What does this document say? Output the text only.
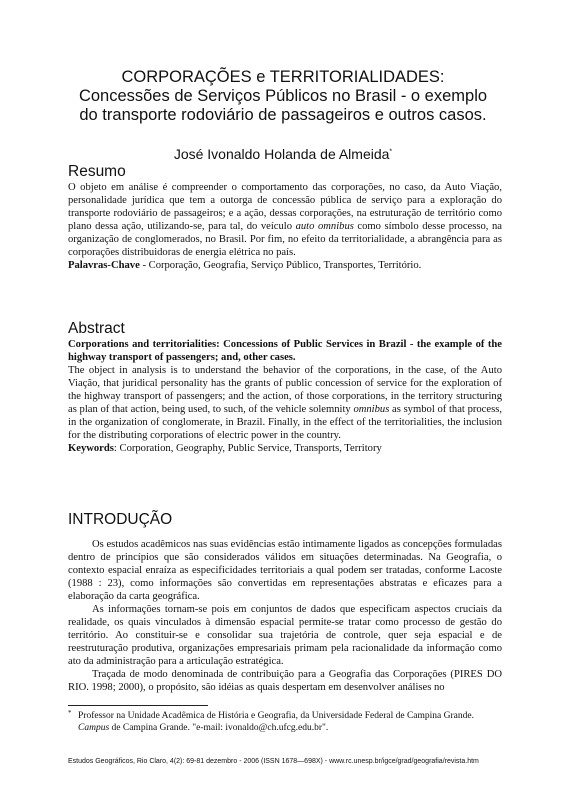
CORPORAÇÕES e TERRITORIALIDADES:
Concessões de Serviços Públicos no Brasil - o exemplo
do transporte rodoviário de passageiros e outros casos.
José Ivonaldo Holanda de Almeida*
Resumo

O objeto em análise é compreender o comportamento das corporações, no caso, da Auto Viação, personalidade jurídica que tem a outorga de concessão pública de serviço para a exploração do transporte rodoviário de passageiros; e a ação, dessas corporações, na estruturação de território como plano dessa ação, utilizando-se, para tal, do veículo auto omnibus como símbolo desse processo, na organização de conglomerados, no Brasil. Por fim, no efeito da territorialidade, a abrangência para as corporações distribuidoras de energia elétrica no país.

Palavras-Chave - Corporação, Geografia, Serviço Público, Transportes, Território.

Abstract

Corporations and territorialities: Concessions of Public Services in Brazil - the example of the highway transport of passengers; and, other cases.

The object in analysis is to understand the behavior of the corporations, in the case, of the Auto Viação, that juridical personality has the grants of public concession of service for the exploration of the highway transport of passengers; and the action, of those corporations, in the territory structuring as plan of that action, being used, to such, of the vehicle solemnity omnibus as symbol of that process, in the organization of conglomerate, in Brazil. Finally, in the effect of the territorialities, the inclusion for the distributing corporations of electric power in the country.

Keywords: Corporation, Geography, Public Service, Transports, Territory

INTRODUÇÃO

Os estudos acadêmicos nas suas evidências estão intimamente ligados as concepções formuladas dentro de princípios que são considerados válidos em situações determinadas. Na Geografia, o contexto espacial enraíza as especificidades territoriais a qual podem ser tratadas, conforme Lacoste (1988 : 23), como informações são convertidas em representações abstratas e eficazes para a elaboração da carta geográfica.

As informações tornam-se pois em conjuntos de dados que especificam aspectos cruciais da realidade, os quais vinculados à dimensão espacial permite-se tratar como processo de gestão do território. Ao constituir-se e consolidar sua trajetória de controle, quer seja espacial e de reestruturação produtiva, organizações empresariais primam pela racionalidade da informação como ato da administração para a articulação estratégica.

Traçada de modo denominada de contribuição para a Geografia das Corporações (PIRES DO RIO. 1998; 2000), o propósito, são idéias as quais despertam em desenvolver análises no

* Professor na Unidade Acadêmica de História e Geografia, da Universidade Federal de Campina Grande.
Campus de Campina Grande. "e-mail: ivonaldo@ch.ufcg.edu.br".
Estudos Geográficos, Rio Claro, 4(2): 69-81 dezembro - 2006 (ISSN 1678—698X) - www.rc.unesp.br/igce/grad/geografia/revista.htm
